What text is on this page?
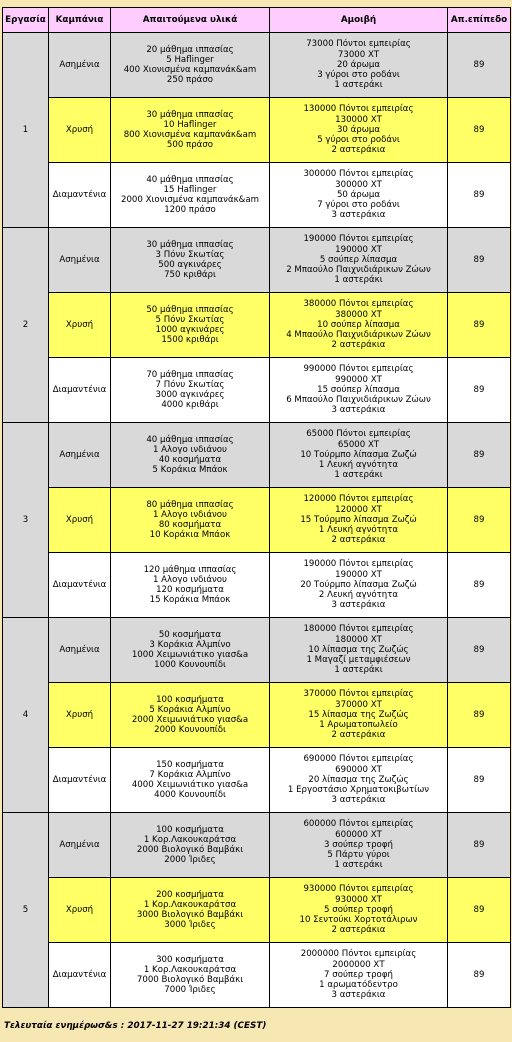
Εργασία	Καμπάνια	Απαιτούμενα υλικά	Αμοιβή	Απ.επίπεδο
1	Ασημένια	20 μάθημα ιππασίας
5 Haflinger
400 Χιονισμένα καμπανάκ&am
250 πράσο	73000 Πόντοι εμπειρίας
73000 ΧΤ
20 άρωμα
3 γύροι στο ροδάνι
1 αστεράκι	89
	Χρυσή	30 μάθημα ιππασίας
10 Haflinger
800 Χιονισμένα καμπανάκ&am
500 πράσο	130000 Πόντοι εμπειρίας
130000 ΧΤ
30 άρωμα
5 γύροι στο ροδάνι
2 αστεράκια	89
	Διαμαντένια	40 μάθημα ιππασίας
15 Haflinger
2000 Χιονισμένα καμπανάκ&am
1200 πράσο	300000 Πόντοι εμπειρίας
300000 ΧΤ
50 άρωμα
7 γύροι στο ροδάνι
3 αστεράκια	89
2	Ασημένια	30 μάθημα ιππασίας
3 Πόνυ Σκωτίας
500 αγκινάρες
750 κριθάρι	190000 Πόντοι εμπειρίας
190000 ΧΤ
5 σούπερ λίπασμα
2 Μπαούλο Παιχνιδιάρικων Ζώων
1 αστεράκι	89
	Χρυσή	50 μάθημα ιππασίας
5 Πόνυ Σκωτίας
1000 αγκινάρες
1500 κριθάρι	380000 Πόντοι εμπειρίας
380000 ΧΤ
10 σούπερ λίπασμα
4 Μπαούλο Παιχνιδιάρικων Ζώων
2 αστεράκια	89
	Διαμαντένια	70 μάθημα ιππασίας
7 Πόνυ Σκωτίας
3000 αγκινάρες
4000 κριθάρι	990000 Πόντοι εμπειρίας
990000 ΧΤ
15 σούπερ λίπασμα
6 Μπαούλο Παιχνιδιάρικων Ζώων
3 αστεράκια	89
3	Ασημένια	40 μάθημα ιππασίας
1 Αλογο ινδιάνου
40 κοσμήματα
5 Κοράκια Μπάοκ	65000 Πόντοι εμπειρίας
65000 ΧΤ
10 Τούρμπο λίπασμα Ζωζώ
1 Λευκή αγνότητα
1 αστεράκι	89
	Χρυσή	80 μάθημα ιππασίας
1 Αλογο ινδιάνου
80 κοσμήματα
10 Κοράκια Μπάοκ	120000 Πόντοι εμπειρίας
120000 ΧΤ
15 Τούρμπο λίπασμα Ζωζώ
1 Λευκή αγνότητα
2 αστεράκια	89
	Διαμαντένια	120 μάθημα ιππασίας
1 Αλογο ινδιάνου
120 κοσμήματα
15 Κοράκια Μπάοκ	190000 Πόντοι εμπειρίας
190000 ΧΤ
20 Τούρμπο λίπασμα Ζωζώ
2 Λευκή αγνότητα
3 αστεράκια	89
4	Ασημένια	50 κοσμήματα
3 Κοράκια Αλμπίνο
1000 Χειμωνιάτικο γιασ&a
1000 Κουνουπίδι	180000 Πόντοι εμπειρίας
180000 ΧΤ
10 λίπασμα της Ζωζώς
1 Μαγαζί μεταμφιέσεων
1 αστεράκι	89
	Χρυσή	100 κοσμήματα
5 Κοράκια Αλμπίνο
2000 Χειμωνιάτικο γιασ&a
2000 Κουνουπίδι	370000 Πόντοι εμπειρίας
370000 ΧΤ
15 λίπασμα της Ζωζώς
1 Αρωματοπωλείο
2 αστεράκια	89
	Διαμαντένια	150 κοσμήματα
7 Κοράκια Αλμπίνο
4000 Χειμωνιάτικο γιασ&a
4000 Κουνουπίδι	690000 Πόντοι εμπειρίας
690000 ΧΤ
20 λίπασμα της Ζωζώς
1 Εργοστάσιο Χρηματοκιβωτίων
3 αστεράκια	89
5	Ασημένια	100 κοσμήματα
1 Κορ.Λακουκαράτσα
2000 Βιολογικό Βαμβάκι
2000 Ίριδες	600000 Πόντοι εμπειρίας
600000 ΧΤ
3 σούπερ τροφή
5 Πάρτυ γύροι
1 αστεράκι	89
	Χρυσή	200 κοσμήματα
1 Κορ.Λακουκαράτσα
3000 Βιολογικό Βαμβάκι
3000 Ίριδες	930000 Πόντοι εμπειρίας
930000 ΧΤ
5 σούπερ τροφή
10 Σεντούκι Χορτοτάλιρων
2 αστεράκια	89
	Διαμαντένια	300 κοσμήματα
1 Κορ.Λακουκαράτσα
7000 Βιολογικό Βαμβάκι
7000 Ίριδες	2000000 Πόντοι εμπειρίας
2000000 ΧΤ
7 σούπερ τροφή
1 αρωματόδεντρο
3 αστεράκια	89
Τελευταία ενημέρωσ&s : 2017-11-27 19:21:34 (CEST)
